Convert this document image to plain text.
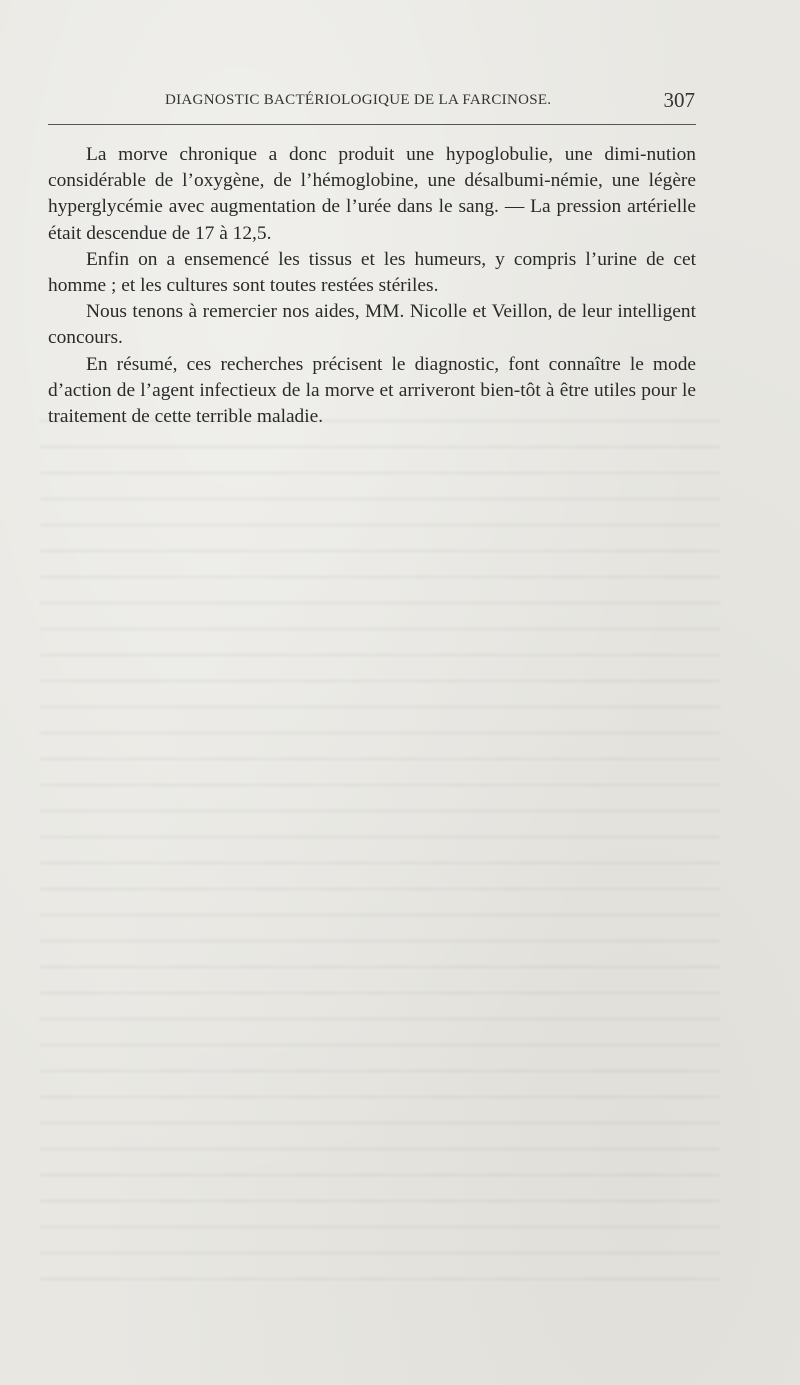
DIAGNOSTIC BACTÉRIOLOGIQUE DE LA FARCINOSE.	307

La morve chronique a donc produit une hypoglobulie, une dimi-nution considérable de l’oxygène, de l’hémoglobine, une désalbumi-némie, une légère hyperglycémie avec augmentation de l’urée dans le sang. — La pression artérielle était descendue de 17 à 12,5.

Enfin on a ensemencé les tissus et les humeurs, y compris l’urine de cet homme ; et les cultures sont toutes restées stériles.

Nous tenons à remercier nos aides, MM. Nicolle et Veillon, de leur intelligent concours.

En résumé, ces recherches précisent le diagnostic, font connaître le mode d’action de l’agent infectieux de la morve et arriveront bien-tôt à être utiles pour le traitement de cette terrible maladie.
